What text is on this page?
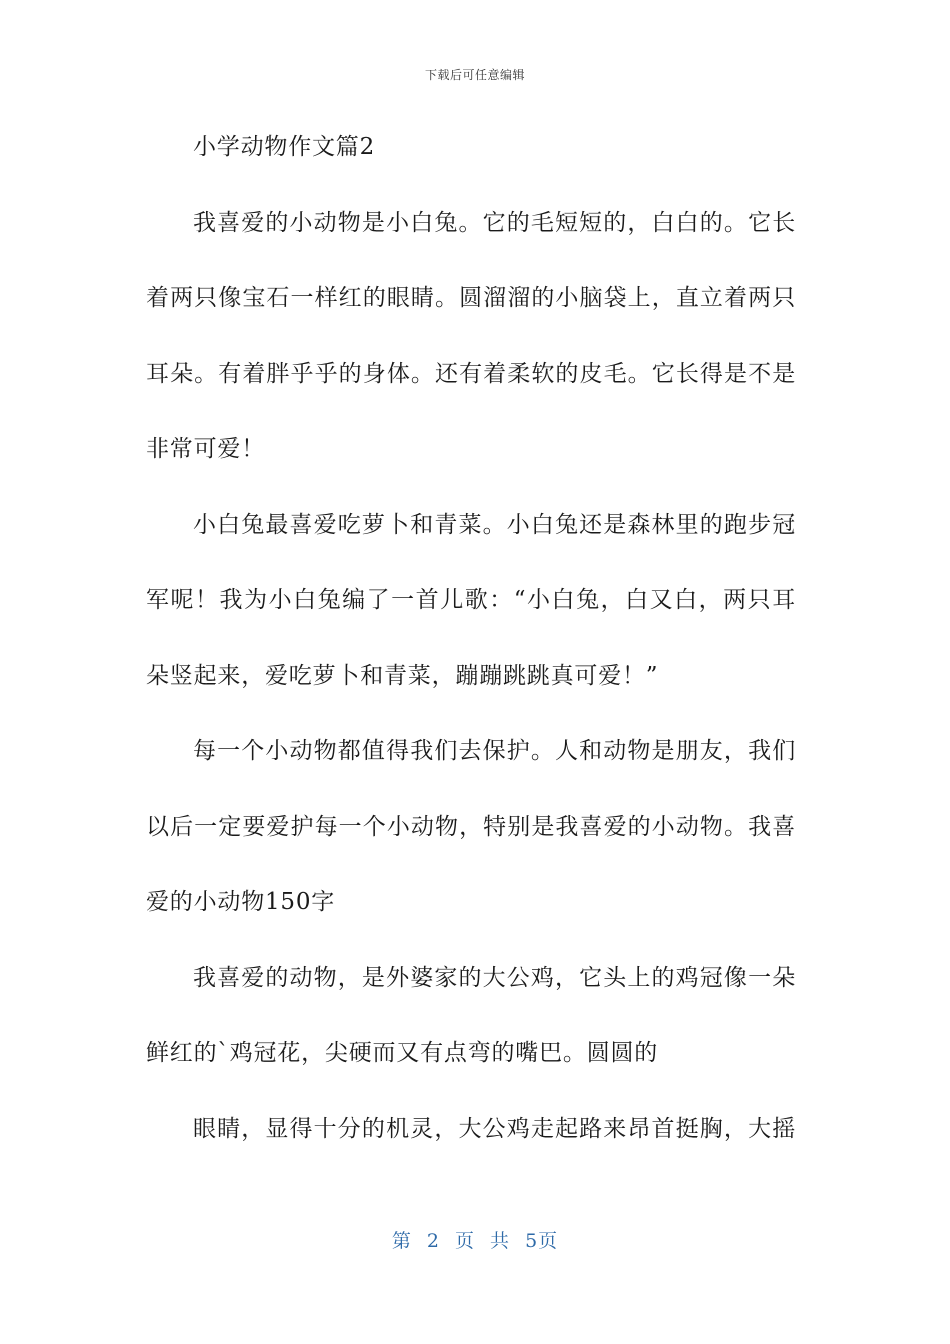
下载后可任意编辑
小学动物作文篇2
我喜爱的小动物是小白兔。它的毛短短的，白白的。它长
着两只像宝石一样红的眼睛。圆溜溜的小脑袋上，直立着两只
耳朵。有着胖乎乎的身体。还有着柔软的皮毛。它长得是不是
非常可爱！
小白兔最喜爱吃萝卜和青菜。小白兔还是森林里的跑步冠
军呢！我为小白兔编了一首儿歌：“小白兔，白又白，两只耳
朵竖起来，爱吃萝卜和青菜，蹦蹦跳跳真可爱！”
每一个小动物都值得我们去保护。人和动物是朋友，我们
以后一定要爱护每一个小动物，特别是我喜爱的小动物。我喜
爱的小动物150字
我喜爱的动物，是外婆家的大公鸡，它头上的鸡冠像一朵
鲜红的`鸡冠花，尖硬而又有点弯的嘴巴。圆圆的
眼睛，显得十分的机灵，大公鸡走起路来昂首挺胸，大摇
第 2 页 共 5页
